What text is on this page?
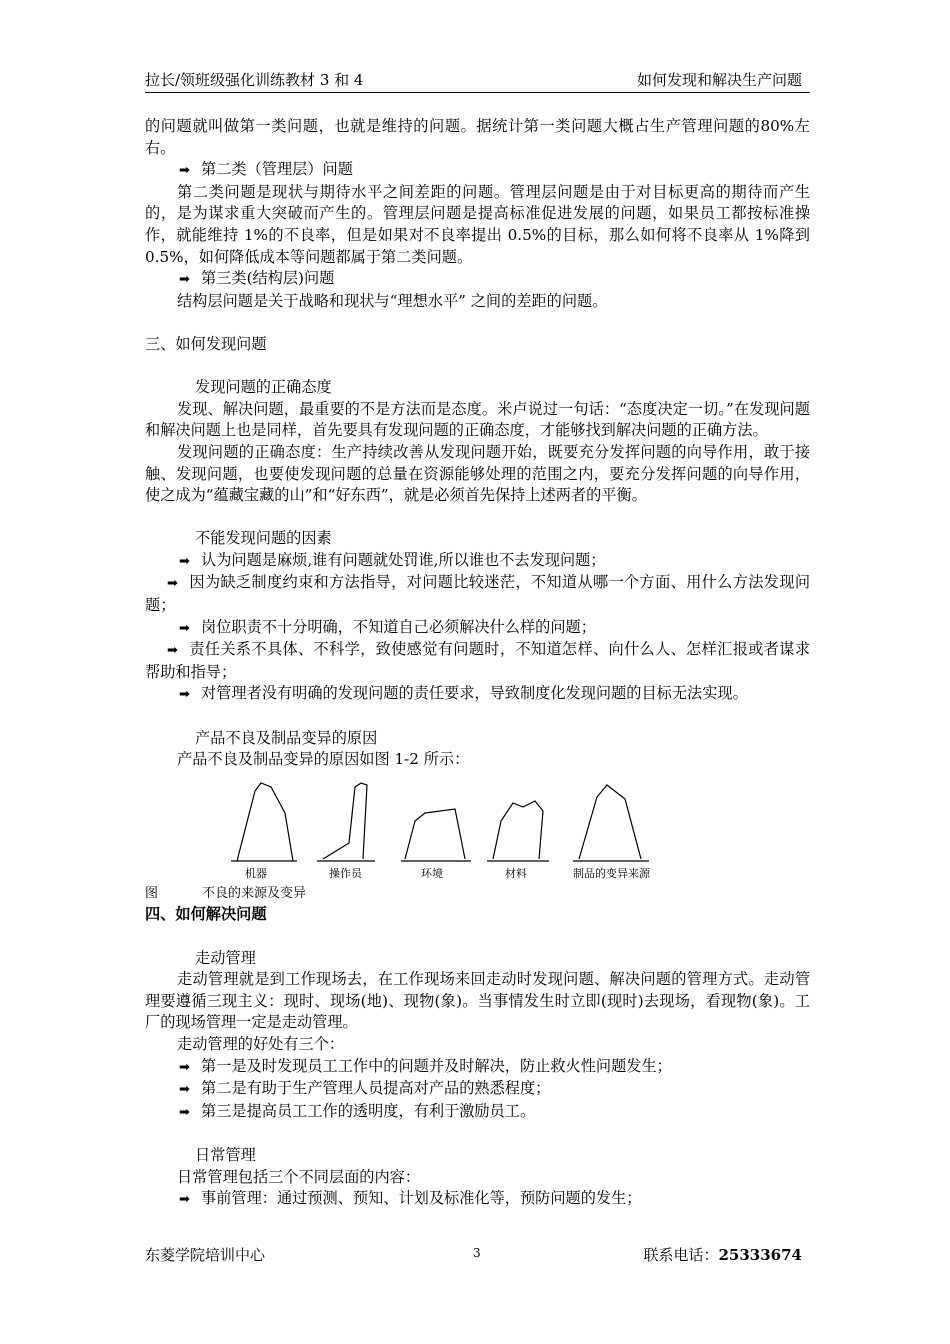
拉长/领班级强化训练教材 3 和 4	如何发现和解决生产问题

的问题就叫做第一类问题，也就是维持的问题。据统计第一类问题大概占生产管理问题的80%左右。

➡ 第二类（管理层）问题

第二类问题是现状与期待水平之间差距的问题。管理层问题是由于对目标更高的期待而产生的，是为谋求重大突破而产生的。管理层问题是提高标准促进发展的问题，如果员工都按标准操作，就能维持 1%的不良率，但是如果对不良率提出 0.5%的目标，那么如何将不良率从 1%降到 0.5%，如何降低成本等问题都属于第二类问题。

➡ 第三类(结构层)问题

结构层问题是关于战略和现状与“理想水平” 之间的差距的问题。

三、如何发现问题

发现问题的正确态度

发现、解决问题，最重要的不是方法而是态度。米卢说过一句话：“态度决定一切。”在发现问题和解决问题上也是同样，首先要具有发现问题的正确态度，才能够找到解决问题的正确方法。

发现问题的正确态度：生产持续改善从发现问题开始，既要充分发挥问题的向导作用，敢于接触、发现问题，也要使发现问题的总量在资源能够处理的范围之内，要充分发挥问题的向导作用，使之成为“蕴藏宝藏的山”和“好东西”，就是必须首先保持上述两者的平衡。

不能发现问题的因素

➡ 认为问题是麻烦,谁有问题就处罚谁,所以谁也不去发现问题；

➡ 因为缺乏制度约束和方法指导，对问题比较迷茫，不知道从哪一个方面、用什么方法发现问题；

➡ 岗位职责不十分明确，不知道自己必须解决什么样的问题；

➡ 责任关系不具体、不科学，致使感觉有问题时，不知道怎样、向什么人、怎样汇报或者谋求帮助和指导；

➡ 对管理者没有明确的发现问题的责任要求，导致制度化发现问题的目标无法实现。

产品不良及制品变异的原因

产品不良及制品变异的原因如图 1-2 所示：

机器	操作员	环境	材料	制品的变异来源

图	不良的来源及变异

四、如何解决问题

走动管理

走动管理就是到工作现场去，在工作现场来回走动时发现问题、解决问题的管理方式。走动管理要遵循三现主义：现时、现场(地)、现物(象)。当事情发生时立即(现时)去现场，看现物(象)。工厂的现场管理一定是走动管理。

走动管理的好处有三个：

➡ 第一是及时发现员工工作中的问题并及时解决，防止救火性问题发生；

➡ 第二是有助于生产管理人员提高对产品的熟悉程度；

➡ 第三是提高员工工作的透明度，有利于激励员工。

日常管理

日常管理包括三个不同层面的内容：

➡ 事前管理：通过预测、预知、计划及标准化等，预防问题的发生；

东菱学院培训中心	3	联系电话：25333674
